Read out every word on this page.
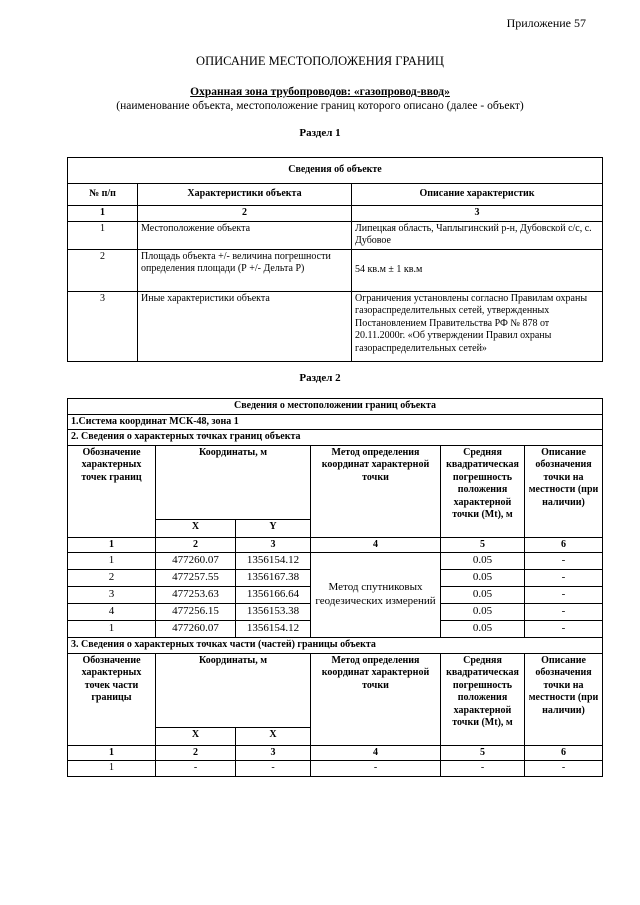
Приложение 57
ОПИСАНИЕ МЕСТОПОЛОЖЕНИЯ ГРАНИЦ
Охранная зона трубопроводов: «газопровод-ввод»
(наименование объекта, местоположение границ которого описано (далее - объект)
Раздел 1
Сведения об объекте		
№ п/п	Характеристики объекта	Описание характеристик
1	2	3
1	Местоположение объекта	Липецкая область, Чаплыгинский р-н, Дубовской с/с, с. Дубовое
2	Площадь объекта +/- величина погрешности определения площади (Р +/- Дельта Р)	54 кв.м ± 1 кв.м
3	Иные характеристики объекта	Ограничения установлены согласно Правилам охраны газораспределительных сетей, утвержденных Постановлением Правительства РФ № 878 от 20.11.2000г. «Об утверждении Правил охраны газораспределительных сетей»
Раздел 2
Сведения о местоположении границ объекта					
1.Система координат МСК-48, зона 1					
2. Сведения о характерных точках границ объекта					
Обозначение характерных точек границ	Координаты, м		Метод определения координат характерной точки	Средняя квадратическая погрешность положения характерной точки (Mt), м	Описание обозначения точки на местности (при наличии)
	X	Y			
1	2	3	4	5	6
1	477260.07	1356154.12	Метод спутниковых геодезических измерений	0.05	-
2	477257.55	1356167.38		0.05	-
3	477253.63	1356166.64		0.05	-
4	477256.15	1356153.38		0.05	-
1	477260.07	1356154.12		0.05	-
3. Сведения о характерных точках части (частей) границы объекта					
Обозначение характерных точек части границы	Координаты, м		Метод определения координат характерной точки	Средняя квадратическая погрешность положения характерной точки (Mt), м	Описание обозначения точки на местности (при наличии)
	X	Х			
1	2	3	4	5	6
1	-	-	-	-	-
